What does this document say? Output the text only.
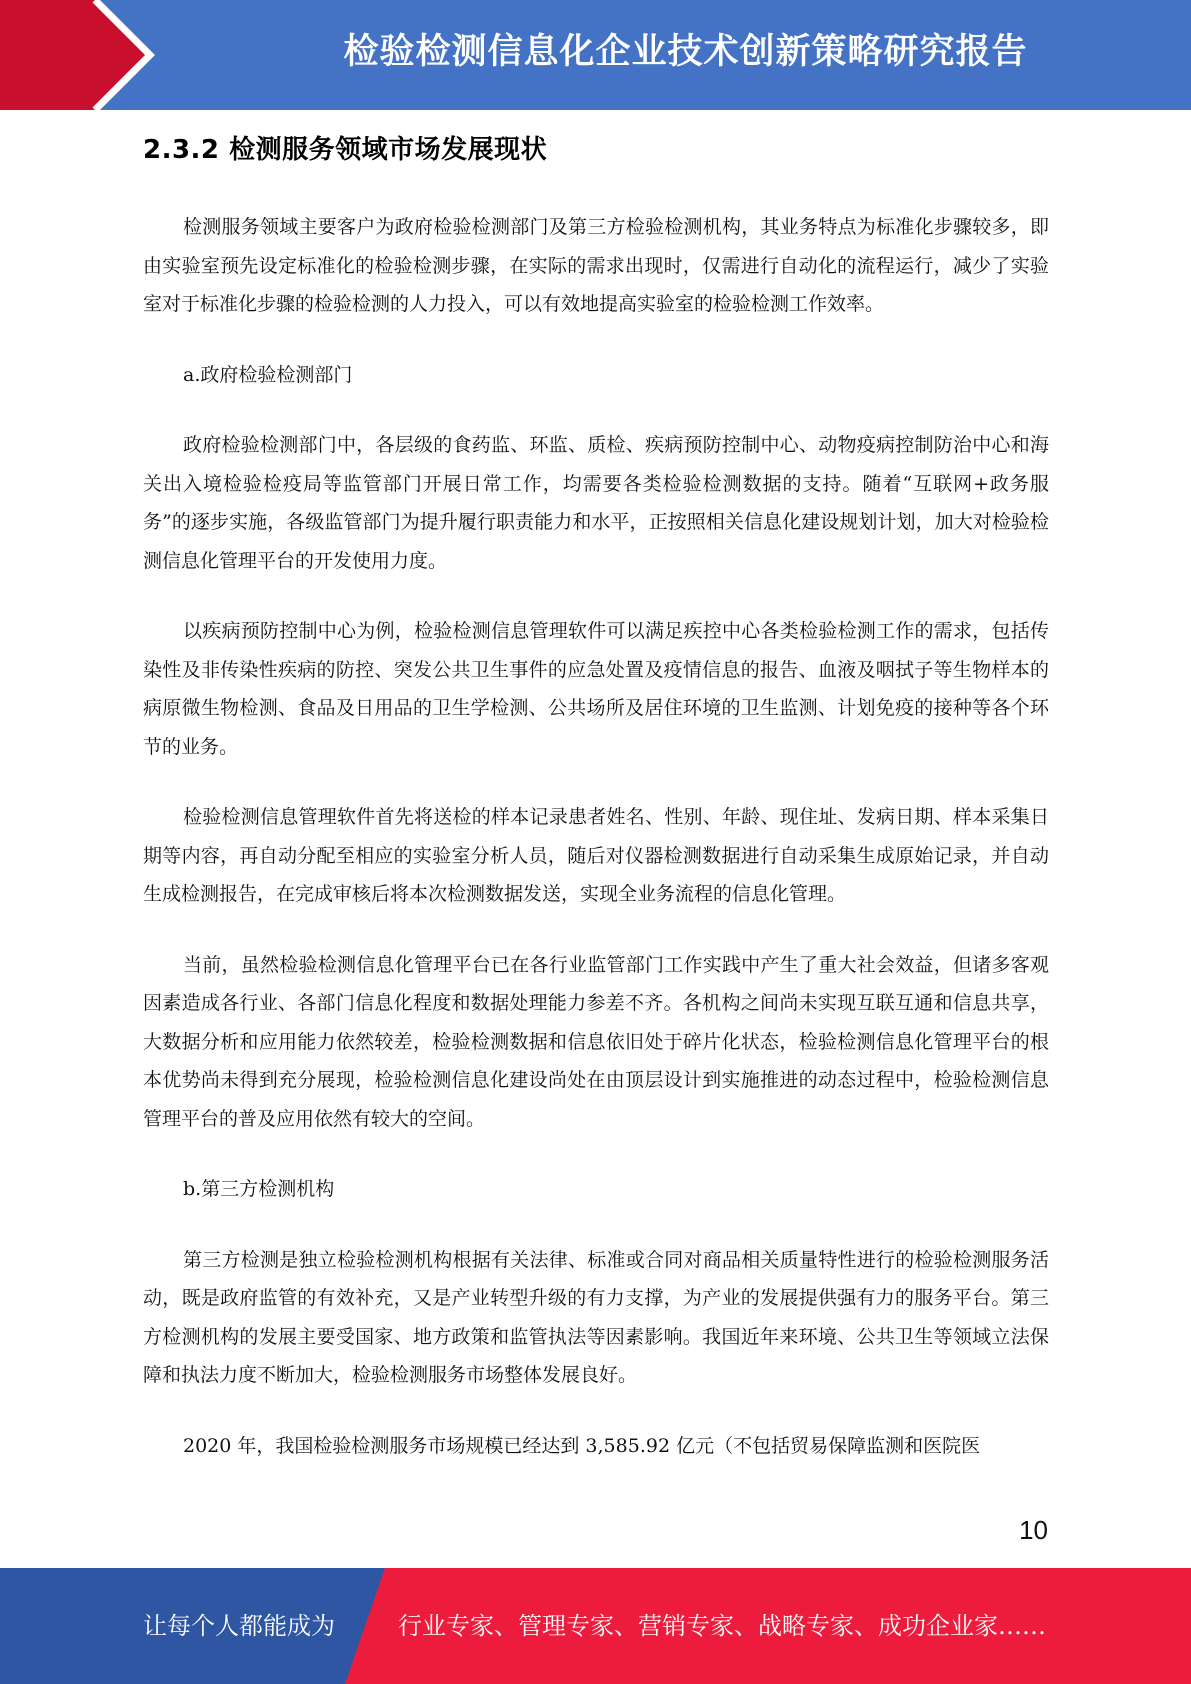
检验检测信息化企业技术创新策略研究报告
2.3.2 检测服务领域市场发展现状

检测服务领域主要客户为政府检验检测部门及第三方检验检测机构，其业务特点为标准化步骤较多，即由实验室预先设定标准化的检验检测步骤，在实际的需求出现时，仅需进行自动化的流程运行，减少了实验室对于标准化步骤的检验检测的人力投入，可以有效地提高实验室的检验检测工作效率。

a.政府检验检测部门

政府检验检测部门中，各层级的食药监、环监、质检、疾病预防控制中心、动物疫病控制防治中心和海关出入境检验检疫局等监管部门开展日常工作，均需要各类检验检测数据的支持。随着“互联网+政务服务”的逐步实施，各级监管部门为提升履行职责能力和水平，正按照相关信息化建设规划计划，加大对检验检测信息化管理平台的开发使用力度。

以疾病预防控制中心为例，检验检测信息管理软件可以满足疾控中心各类检验检测工作的需求，包括传染性及非传染性疾病的防控、突发公共卫生事件的应急处置及疫情信息的报告、血液及咽拭子等生物样本的病原微生物检测、食品及日用品的卫生学检测、公共场所及居住环境的卫生监测、计划免疫的接种等各个环节的业务。

检验检测信息管理软件首先将送检的样本记录患者姓名、性别、年龄、现住址、发病日期、样本采集日期等内容，再自动分配至相应的实验室分析人员，随后对仪器检测数据进行自动采集生成原始记录，并自动生成检测报告，在完成审核后将本次检测数据发送，实现全业务流程的信息化管理。

当前，虽然检验检测信息化管理平台已在各行业监管部门工作实践中产生了重大社会效益，但诸多客观因素造成各行业、各部门信息化程度和数据处理能力参差不齐。各机构之间尚未实现互联互通和信息共享，大数据分析和应用能力依然较差，检验检测数据和信息依旧处于碎片化状态，检验检测信息化管理平台的根本优势尚未得到充分展现，检验检测信息化建设尚处在由顶层设计到实施推进的动态过程中，检验检测信息管理平台的普及应用依然有较大的空间。

b.第三方检测机构

第三方检测是独立检验检测机构根据有关法律、标准或合同对商品相关质量特性进行的检验检测服务活动，既是政府监管的有效补充，又是产业转型升级的有力支撑，为产业的发展提供强有力的服务平台。第三方检测机构的发展主要受国家、地方政策和监管执法等因素影响。我国近年来环境、公共卫生等领域立法保障和执法力度不断加大，检验检测服务市场整体发展良好。

2020 年，我国检验检测服务市场规模已经达到 3,585.92 亿元（不包括贸易保障监测和医院医

10
让每个人都能成为	行业专家、管理专家、营销专家、战略专家、成功企业家……
